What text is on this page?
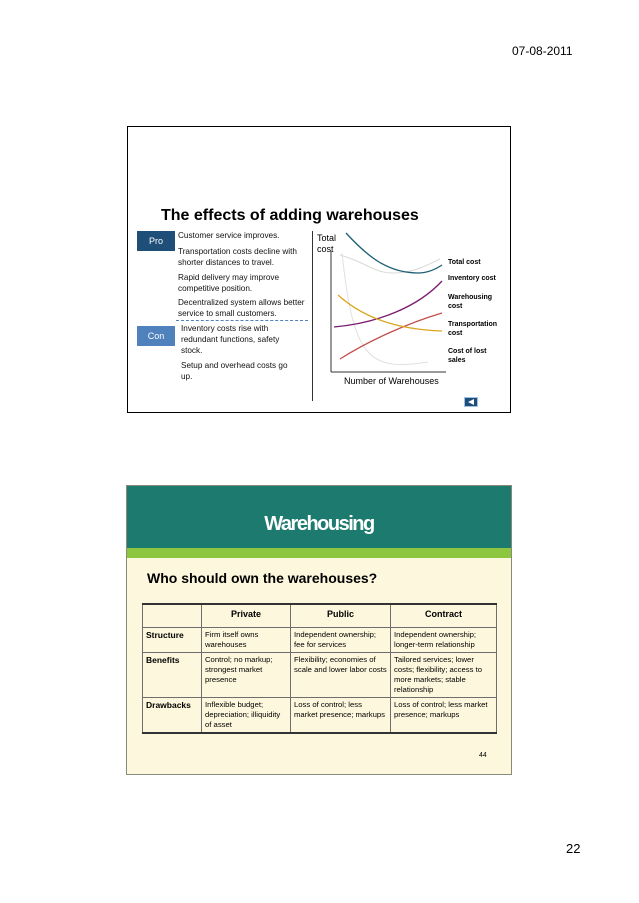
07-08-2011
The effects of adding warehouses
Pro
Customer service improves.
Transportation costs decline with shorter distances to travel.
Rapid delivery may improve competitive position.
Decentralized system allows better service to small customers.
Con
Inventory costs rise with redundant functions, safety stock.
Setup and overhead costs go up.
Total cost
Total cost
Inventory cost
Warehousing cost
Transportation cost
Cost of lost sales
Number of Warehouses
Warehousing
Who should own the warehouses?
	Private	Public	Contract
Structure	Firm itself owns warehouses	Independent ownership; fee for services	Independent ownership; longer-term relationship
Benefits	Control; no markup; strongest market presence	Flexibility; economies of scale and lower labor costs	Tailored services; lower costs; flexibility; access to more markets; stable relationship
Drawbacks	Inflexible budget; depreciation; illiquidity of asset	Loss of control; less market presence; markups	Loss of control; less market presence; markups
44
22
